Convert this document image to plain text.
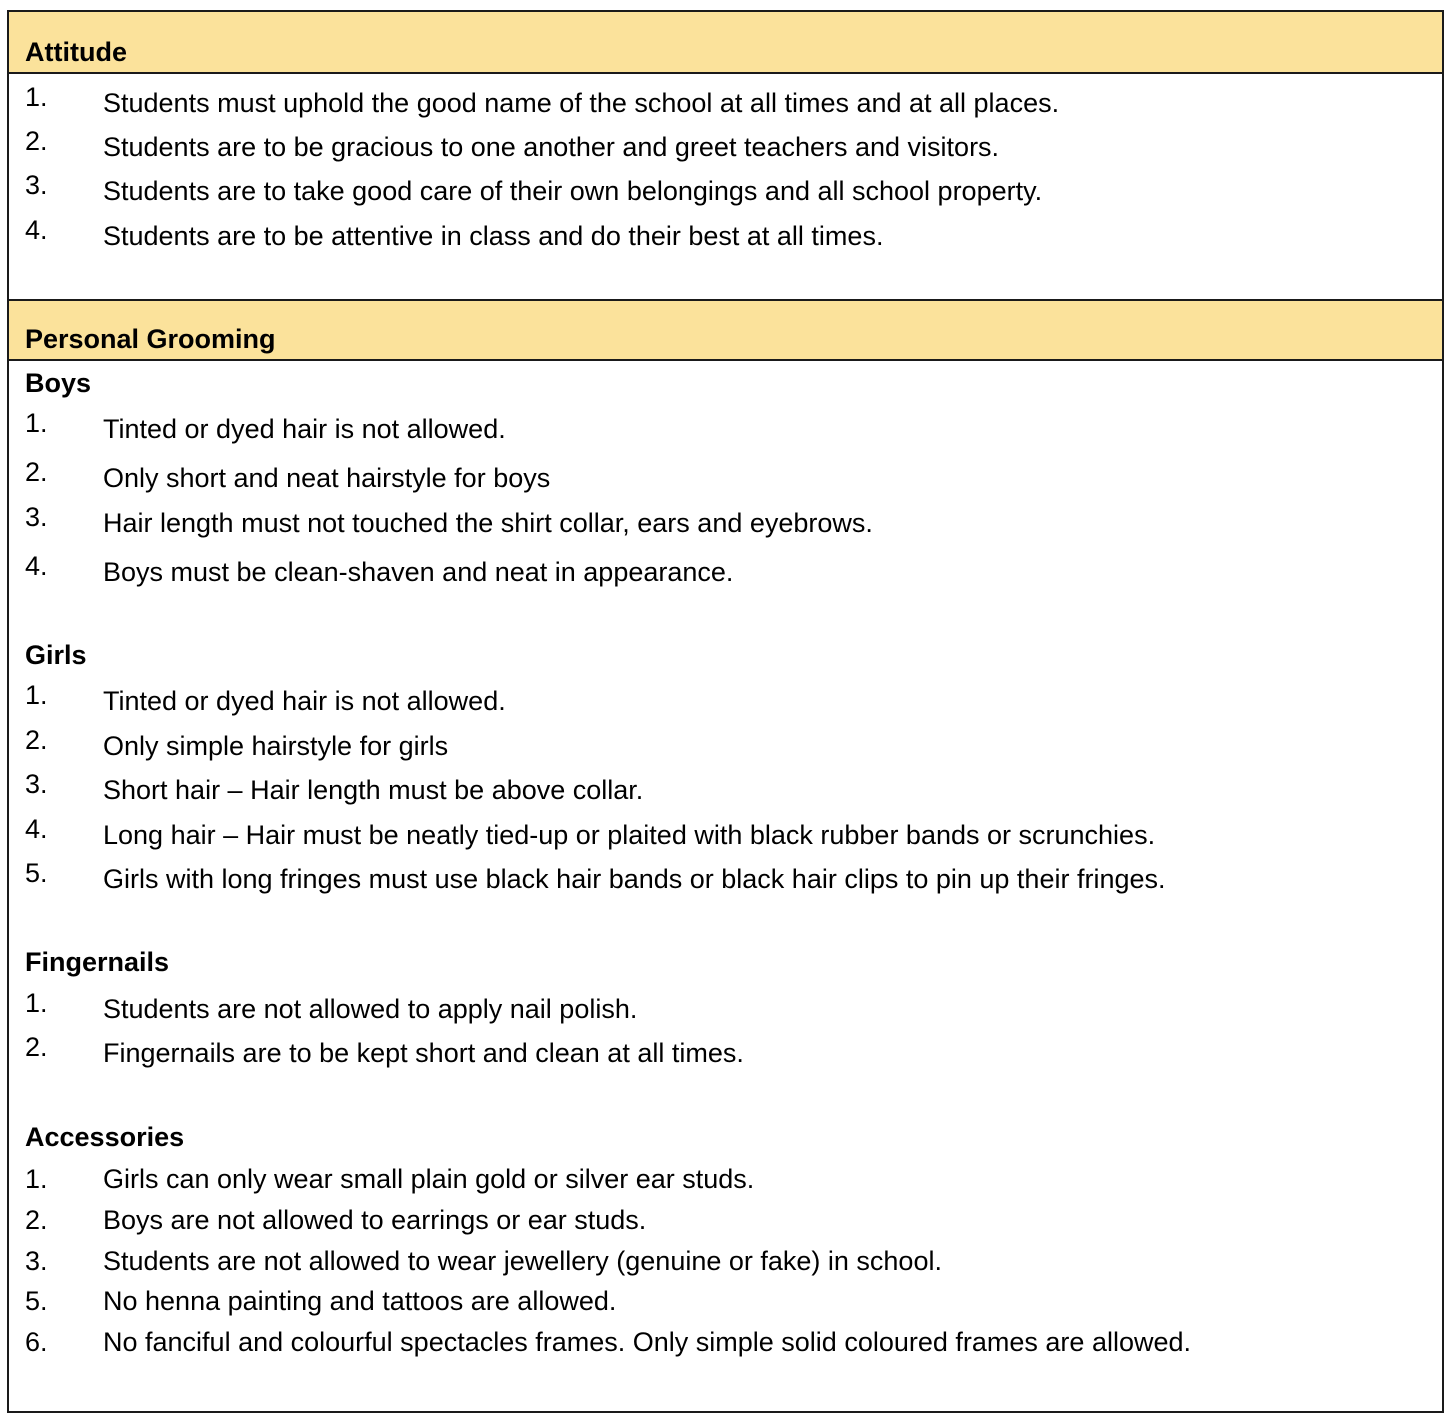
Attitude
1. Students must uphold the good name of the school at all times and at all places.
2. Students are to be gracious to one another and greet teachers and visitors.
3. Students are to take good care of their own belongings and all school property.
4. Students are to be attentive in class and do their best at all times.
Personal Grooming
Boys
1. Tinted or dyed hair is not allowed.
2. Only short and neat hairstyle for boys
3. Hair length must not touched the shirt collar, ears and eyebrows.
4. Boys must be clean-shaven and neat in appearance.
Girls
1. Tinted or dyed hair is not allowed.
2. Only simple hairstyle for girls
3. Short hair – Hair length must be above collar.
4. Long hair – Hair must be neatly tied-up or plaited with black rubber bands or scrunchies.
5. Girls with long fringes must use black hair bands or black hair clips to pin up their fringes.
Fingernails
1. Students are not allowed to apply nail polish.
2. Fingernails are to be kept short and clean at all times.
Accessories
1. Girls can only wear small plain gold or silver ear studs.
2. Boys are not allowed to earrings or ear studs.
3. Students are not allowed to wear jewellery (genuine or fake) in school.
5. No henna painting and tattoos are allowed.
6. No fanciful and colourful spectacles frames. Only simple solid coloured frames are allowed.
